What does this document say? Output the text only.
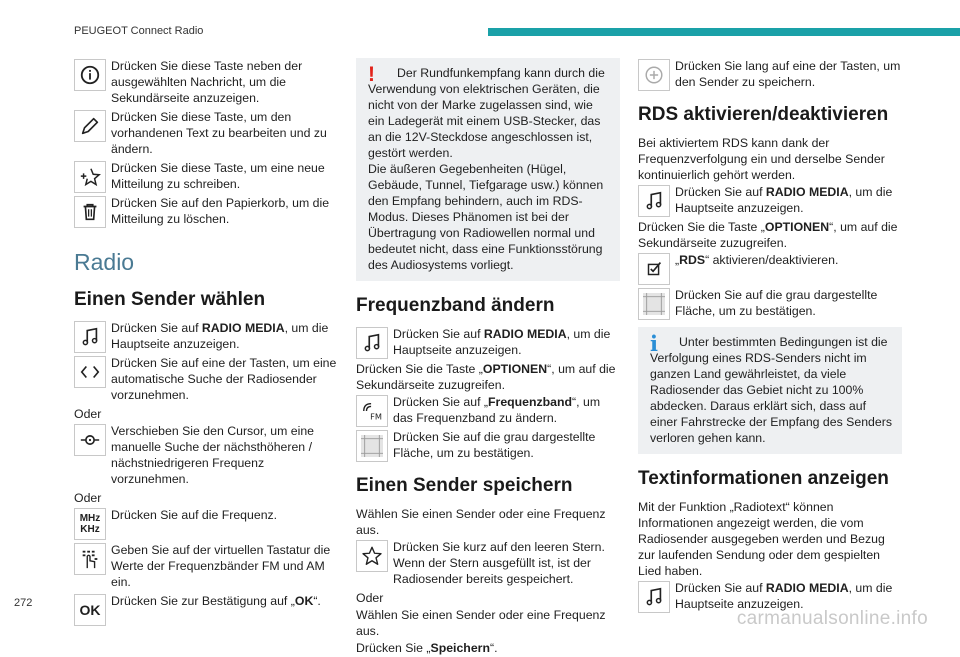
PEUGEOT Connect Radio

Drücken Sie diese Taste neben der ausgewählten Nachricht, um die Sekundärseite anzuzeigen.

Drücken Sie diese Taste, um den vorhandenen Text zu bearbeiten und zu ändern.

Drücken Sie diese Taste, um eine neue Mitteilung zu schreiben.

Drücken Sie auf den Papierkorb, um die Mitteilung zu löschen.

Radio
Einen Sender wählen

Drücken Sie auf RADIO MEDIA, um die Hauptseite anzuzeigen.

Drücken Sie auf eine der Tasten, um eine automatische Suche der Radiosender vorzunehmen.

Oder

Verschieben Sie den Cursor, um eine manuelle Suche der nächsthöheren / nächstniedrigeren Frequenz vorzunehmen.

Oder

MHz
KHz

Drücken Sie auf die Frequenz.

Geben Sie auf der virtuellen Tastatur die Werte der Frequenzbänder FM und AM ein.

OK

Drücken Sie zur Bestätigung auf „OK“.

!	Der Rundfunkempfang kann durch die Verwendung von elektrischen Geräten, die nicht von der Marke zugelassen sind, wie ein Ladegerät mit einem USB-Stecker, das an die 12V-Steckdose angeschlossen ist, gestört werden.

Die äußeren Gegebenheiten (Hügel, Gebäude, Tunnel, Tiefgarage usw.) können den Empfang behindern, auch im RDS-Modus. Dieses Phänomen ist bei der Übertragung von Radiowellen normal und bedeutet nicht, dass eine Funktionsstörung des Audiosystems vorliegt.

Frequenzband ändern

Drücken Sie auf RADIO MEDIA, um die Hauptseite anzuzeigen.

Drücken Sie die Taste „OPTIONEN“, um auf die Sekundärseite zuzugreifen.

FM

Drücken Sie auf „Frequenzband“, um das Frequenzband zu ändern.

Drücken Sie auf die grau dargestellte Fläche, um zu bestätigen.

Einen Sender speichern

Wählen Sie einen Sender oder eine Frequenz aus.

Drücken Sie kurz auf den leeren Stern. Wenn der Stern ausgefüllt ist, ist der Radiosender bereits gespeichert.

Oder

Wählen Sie einen Sender oder eine Frequenz aus.

Drücken Sie „Speichern“.

Drücken Sie lang auf eine der Tasten, um den Sender zu speichern.

RDS aktivieren/deaktivieren

Bei aktiviertem RDS kann dank der Frequenzverfolgung ein und derselbe Sender kontinuierlich gehört werden.

Drücken Sie auf RADIO MEDIA, um die Hauptseite anzuzeigen.

Drücken Sie die Taste „OPTIONEN“, um auf die Sekundärseite zuzugreifen.

„RDS“ aktivieren/deaktivieren.

Drücken Sie auf die grau dargestellte Fläche, um zu bestätigen.

i	Unter bestimmten Bedingungen ist die Verfolgung eines RDS-Senders nicht im ganzen Land gewährleistet, da viele Radiosender das Gebiet nicht zu 100% abdecken. Daraus erklärt sich, dass auf einer Fahrstrecke der Empfang des Senders verloren gehen kann.

Textinformationen anzeigen

Mit der Funktion „Radiotext“ können Informationen angezeigt werden, die vom Radiosender ausgegeben werden und Bezug zur laufenden Sendung oder dem gespielten Lied haben.

Drücken Sie auf RADIO MEDIA, um die Hauptseite anzuzeigen.

272
carmanualsonline.info
